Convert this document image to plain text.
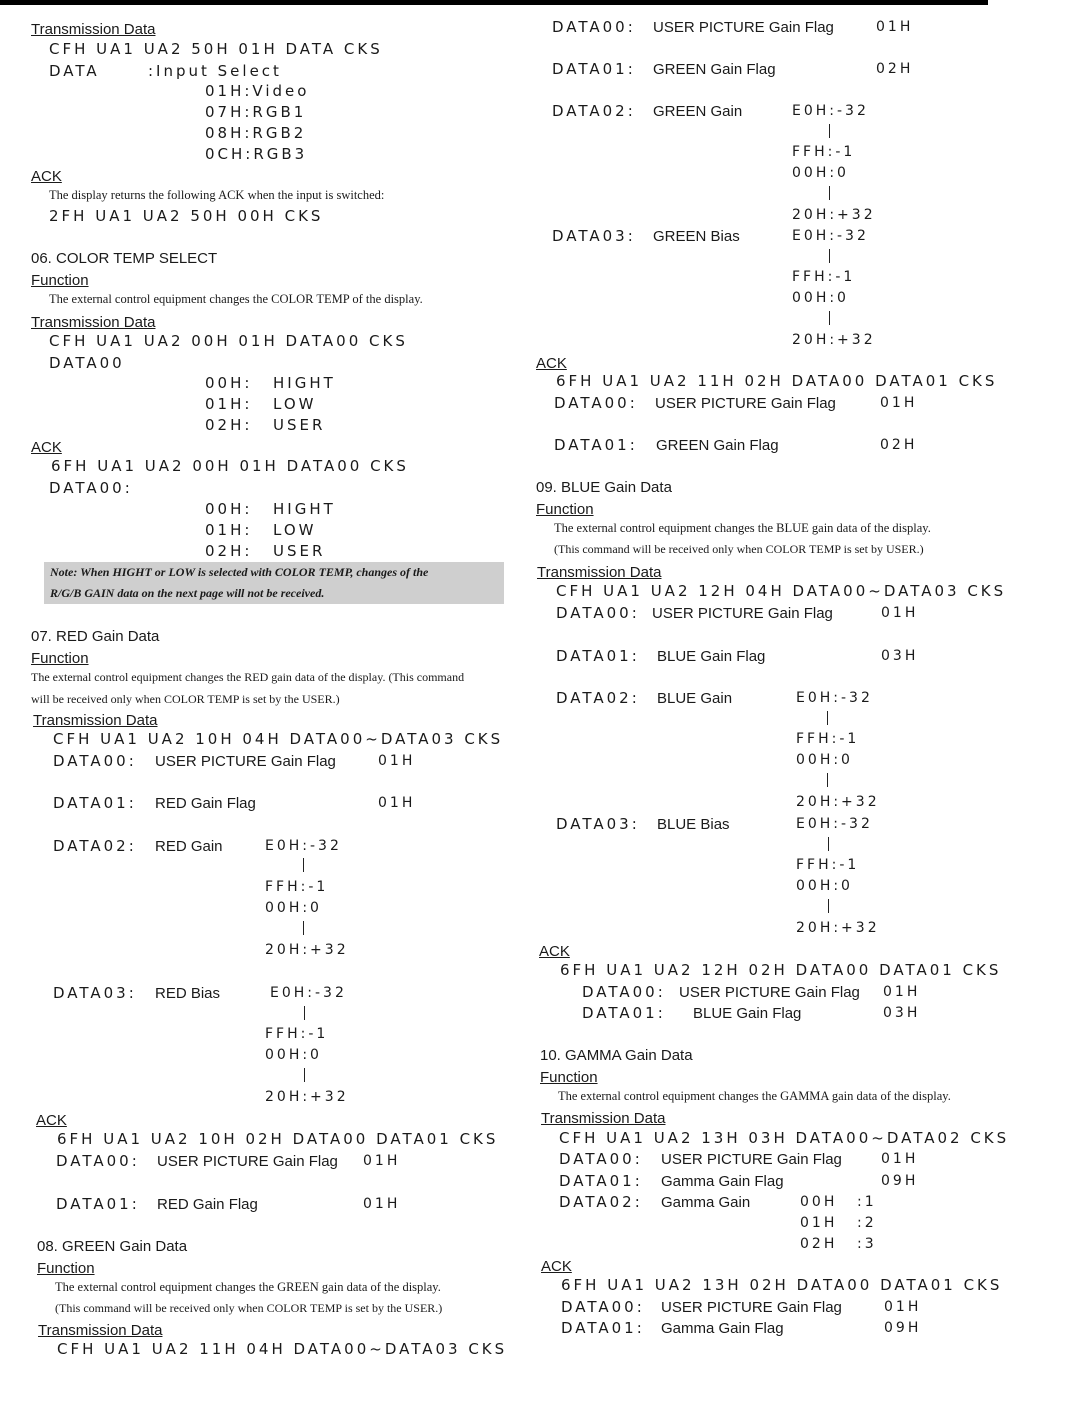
Transmission Data
CFH UA1 UA2 50H 01H DATA CKS
DATA	:Input Select
01H:Video
07H:RGB1
08H:RGB2
0CH:RGB3
ACK
The display returns the following ACK when the input is switched:
2FH UA1 UA2 50H 00H CKS
06. COLOR TEMP SELECT
Function
The external control equipment changes the COLOR TEMP of the display.
Transmission Data
CFH UA1 UA2 00H 01H DATA00 CKS
DATA00
00H: HIGHT
01H: LOW
02H: USER
ACK
6FH UA1 UA2 00H 01H DATA00 CKS
DATA00:
00H: HIGHT
01H: LOW
02H: USER
Note: When HIGHT or LOW is selected with COLOR TEMP, changes of the
R/G/B GAIN data on the next page will not be received.
07. RED Gain Data
Function
The external control equipment changes the RED gain data of the display. (This command
will be received only when COLOR TEMP is set by the USER.)
Transmission Data
CFH UA1 UA2 10H 04H DATA00~DATA03 CKS
DATA00: USER PICTURE Gain Flag	01H
DATA01: RED Gain Flag	01H
DATA02: RED Gain	E0H:-32
FFH:-1
00H:0
20H:+32
DATA03: RED Bias	E0H:-32
FFH:-1
00H:0
20H:+32
ACK
6FH UA1 UA2 10H 02H DATA00 DATA01 CKS
DATA00: USER PICTURE Gain Flag 01H
DATA01: RED Gain Flag	01H
08. GREEN Gain Data
Function
The external control equipment changes the GREEN gain data of the display.
(This command will be received only when COLOR TEMP is set by the USER.)
Transmission Data
CFH UA1 UA2 11H 04H DATA00~DATA03 CKS
DATA00: USER PICTURE Gain Flag	01H
DATA01: GREEN Gain Flag	02H
DATA02: GREEN Gain	E0H:-32
FFH:-1
00H:0
20H:+32
DATA03: GREEN Bias	E0H:-32
FFH:-1
00H:0
20H:+32
ACK
6FH UA1 UA2 11H 02H DATA00 DATA01 CKS
DATA00: USER PICTURE Gain Flag	01H
DATA01: GREEN Gain Flag	02H
09. BLUE Gain Data
Function
The external control equipment changes the BLUE gain data of the display.
(This command will be received only when COLOR TEMP is set by USER.)
Transmission Data
CFH UA1 UA2 12H 04H DATA00~DATA03 CKS
DATA00: USER PICTURE Gain Flag	01H
DATA01: BLUE Gain Flag	03H
DATA02: BLUE Gain	E0H:-32
FFH:-1
00H:0
20H:+32
DATA03: BLUE Bias	E0H:-32
FFH:-1
00H:0
20H:+32
ACK
6FH UA1 UA2 12H 02H DATA00 DATA01 CKS
DATA00: USER PICTURE Gain Flag 01H
DATA01: BLUE Gain Flag	03H
10. GAMMA Gain Data
Function
The external control equipment changes the GAMMA gain data of the display.
Transmission Data
CFH UA1 UA2 13H 03H DATA00~DATA02 CKS
DATA00: USER PICTURE Gain Flag	01H
DATA01: Gamma Gain Flag	09H
DATA02: Gamma Gain	00H :1
01H :2
02H :3
ACK
6FH UA1 UA2 13H 02H DATA00 DATA01 CKS
DATA00: USER PICTURE Gain Flag	01H
DATA01: Gamma Gain Flag	09H
